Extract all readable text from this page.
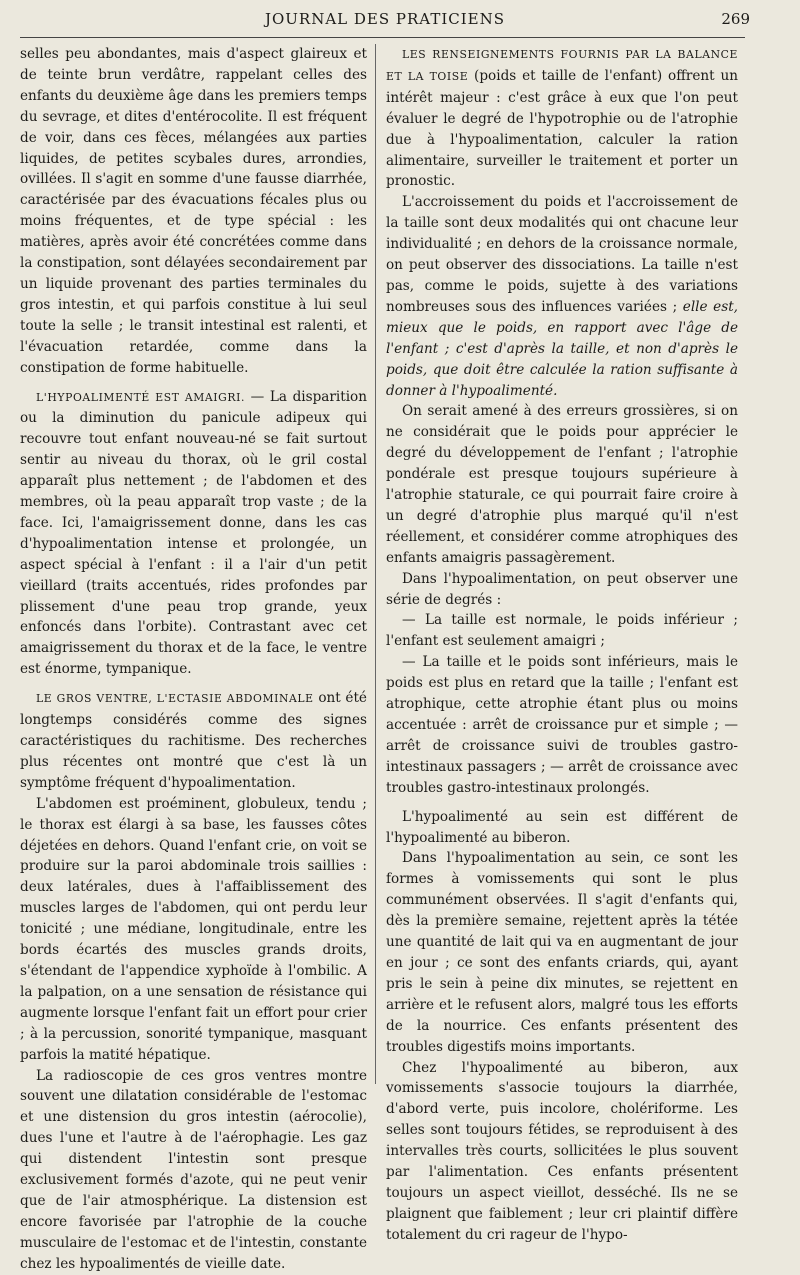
JOURNAL DES PRATICIENS	269

selles peu abondantes, mais d'aspect glaireux et de teinte brun verdâtre, rappelant celles des enfants du deuxième âge dans les premiers temps du sevrage, et dites d'entérocolite. Il est fréquent de voir, dans ces fèces, mélangées aux parties liquides, de petites scybales dures, arrondies, ovillées. Il s'agit en somme d'une fausse diarrhée, caractérisée par des évacuations fécales plus ou moins fréquentes, et de type spécial : les matières, après avoir été concrétées comme dans la constipation, sont délayées secondairement par un liquide provenant des parties terminales du gros intestin, et qui parfois constitue à lui seul toute la selle ; le transit intestinal est ralenti, et l'évacuation retardée, comme dans la constipation de forme habituelle.

L'HYPOALIMENTÉ EST AMAIGRI. — La disparition ou la diminution du panicule adipeux qui recouvre tout enfant nouveau-né se fait surtout sentir au niveau du thorax, où le gril costal apparaît plus nettement ; de l'abdomen et des membres, où la peau apparaît trop vaste ; de la face. Ici, l'amaigrissement donne, dans les cas d'hypoalimentation intense et prolongée, un aspect spécial à l'enfant : il a l'air d'un petit vieillard (traits accentués, rides profondes par plissement d'une peau trop grande, yeux enfoncés dans l'orbite). Contrastant avec cet amaigrissement du thorax et de la face, le ventre est énorme, tympanique.

LE GROS VENTRE, L'ECTASIE ABDOMINALE ont été longtemps considérés comme des signes caractéristiques du rachitisme. Des recherches plus récentes ont montré que c'est là un symptôme fréquent d'hypoalimentation.

L'abdomen est proéminent, globuleux, tendu ; le thorax est élargi à sa base, les fausses côtes déjetées en dehors. Quand l'enfant crie, on voit se produire sur la paroi abdominale trois saillies : deux latérales, dues à l'affaiblissement des muscles larges de l'abdomen, qui ont perdu leur tonicité ; une médiane, longitudinale, entre les bords écartés des muscles grands droits, s'étendant de l'appendice xyphoïde à l'ombilic. A la palpation, on a une sensation de résistance qui augmente lorsque l'enfant fait un effort pour crier ; à la percussion, sonorité tympanique, masquant parfois la matité hépatique.

La radioscopie de ces gros ventres montre souvent une dilatation considérable de l'estomac et une distension du gros intestin (aérocolie), dues l'une et l'autre à de l'aérophagie. Les gaz qui distendent l'intestin sont presque exclusivement formés d'azote, qui ne peut venir que de l'air atmosphérique. La distension est encore favorisée par l'atrophie de la couche musculaire de l'estomac et de l'intestin, constante chez les hypoalimentés de vieille date.

LES RENSEIGNEMENTS FOURNIS PAR LA BALANCE ET LA TOISE (poids et taille de l'enfant) offrent un intérêt majeur : c'est grâce à eux que l'on peut évaluer le degré de l'hypotrophie ou de l'atrophie due à l'hypoalimentation, calculer la ration alimentaire, surveiller le traitement et porter un pronostic.

L'accroissement du poids et l'accroissement de la taille sont deux modalités qui ont chacune leur individualité ; en dehors de la croissance normale, on peut observer des dissociations. La taille n'est pas, comme le poids, sujette à des variations nombreuses sous des influences variées ; elle est, mieux que le poids, en rapport avec l'âge de l'enfant ; c'est d'après la taille, et non d'après le poids, que doit être calculée la ration suffisante à donner à l'hypoalimenté.

On serait amené à des erreurs grossières, si on ne considérait que le poids pour apprécier le degré du développement de l'enfant ; l'atrophie pondérale est presque toujours supérieure à l'atrophie staturale, ce qui pourrait faire croire à un degré d'atrophie plus marqué qu'il n'est réellement, et considérer comme atrophiques des enfants amaigris passagèrement.

Dans l'hypoalimentation, on peut observer une série de degrés :

— La taille est normale, le poids inférieur ; l'enfant est seulement amaigri ;

— La taille et le poids sont inférieurs, mais le poids est plus en retard que la taille ; l'enfant est atrophique, cette atrophie étant plus ou moins accentuée : arrêt de croissance pur et simple ; — arrêt de croissance suivi de troubles gastro-intestinaux passagers ; — arrêt de croissance avec troubles gastro-intestinaux prolongés.

L'hypoalimenté au sein est différent de l'hypoalimenté au biberon.

Dans l'hypoalimentation au sein, ce sont les formes à vomissements qui sont le plus communément observées. Il s'agit d'enfants qui, dès la première semaine, rejettent après la tétée une quantité de lait qui va en augmentant de jour en jour ; ce sont des enfants criards, qui, ayant pris le sein à peine dix minutes, se rejettent en arrière et le refusent alors, malgré tous les efforts de la nourrice. Ces enfants présentent des troubles digestifs moins importants.

Chez l'hypoalimenté au biberon, aux vomissements s'associe toujours la diarrhée, d'abord verte, puis incolore, cholériforme. Les selles sont toujours fétides, se reproduisent à des intervalles très courts, sollicitées le plus souvent par l'alimentation. Ces enfants présentent toujours un aspect vieillot, desséché. Ils ne se plaignent que faiblement ; leur cri plaintif diffère totalement du cri rageur de l'hypo-
